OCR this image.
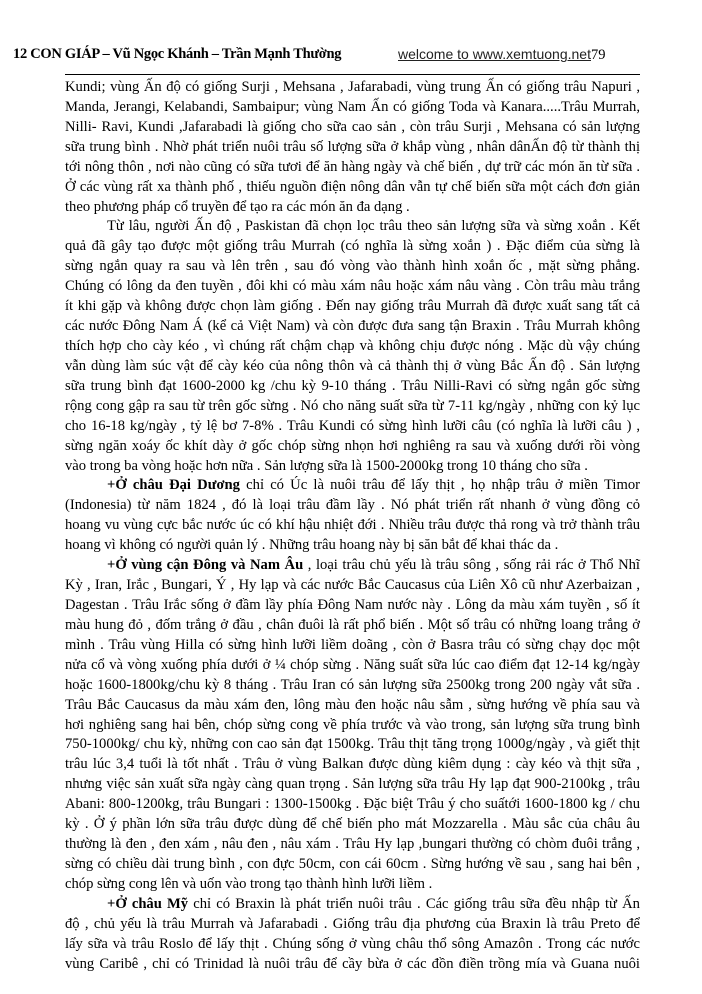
12 CON GIÁP – Vũ Ngọc Khánh – Trần Mạnh Thường	welcome to www.xemtuong.net79
Kundi; vùng Ấn độ có giống Surji , Mehsana , Jafarabadi, vùng trung Ấn có giống trâu Napuri ,
Manda, Jerangi, Kelabandi, Sambaipur; vùng Nam Ấn có giống Toda và Kanara.....Trâu Murrah,
Nilli- Ravi, Kundi ,Jafarabadi là giống cho sữa cao sản , còn trâu Surji , Mehsana có sản lượng
sữa trung bình . Nhờ phát triển nuôi trâu số lượng sữa ở khắp vùng , nhân dânẤn độ từ thành thị
tới nông thôn , nơi nào cũng có sữa tươi để ăn hàng ngày và chế biến , dự trữ các món ăn từ sữa .
Ở các vùng rất xa thành phố , thiếu nguồn điện nông dân vẫn tự chế biến sữa một cách đơn giản
theo phương pháp cổ truyền để tạo ra các món ăn đa dạng .
Từ lâu, người Ấn độ , Paskistan đã chọn lọc trâu theo sản lượng sữa và sừng xoắn . Kết
quả đã gây tạo được một giống trâu Murrah (có nghĩa là sừng xoắn ) . Đặc điểm của sừng là
sừng ngắn quay ra sau và lên trên , sau đó vòng vào thành hình xoắn ốc , mặt sừng phẳng.
Chúng có lông da đen tuyền , đôi khi có màu xám nâu hoặc xám nâu vàng . Còn trâu màu trắng
ít khi gặp và không được chọn làm giống . Đến nay giống trâu Murrah đã được xuất sang tất cả
các nước Đông Nam Á (kể cả Việt Nam) và còn được đưa sang tận Braxin . Trâu Murrah không
thích hợp cho cày kéo , vì chúng rất chậm chạp và không chịu được nóng . Mặc dù vậy chúng
vẫn dùng làm súc vật để cày kéo của nông thôn và cả thành thị ở vùng Bắc Ấn độ . Sản lượng
sữa trung bình đạt 1600-2000 kg /chu kỳ 9-10 tháng . Trâu Nilli-Ravi có sừng ngắn gốc sừng
rộng cong gập ra sau từ trên gốc sừng . Nó cho năng suất sữa từ 7-11 kg/ngày , những con kỷ lục
cho 16-18 kg/ngày , tỷ lệ bơ 7-8% . Trâu Kundi có sừng hình lưỡi câu (có nghĩa là lưỡi câu ) ,
sừng ngăn xoáy ốc khít dày ở gốc chóp sừng nhọn hơi nghiêng ra sau và xuống dưới rồi vòng
vào trong ba vòng hoặc hơn nữa . Sản lượng sữa là 1500-2000kg trong 10 tháng cho sữa .
+Ở châu Đại Dương chỉ có Úc là nuôi trâu để lấy thịt , họ nhập trâu ở miền Timor
(Indonesia) từ năm 1824 , đó là loại trâu đầm lầy . Nó phát triển rất nhanh ở vùng đồng cỏ
hoang vu vùng cực bắc nước úc có khí hậu nhiệt đới . Nhiều trâu được thả rong và trở thành trâu
hoang vì không có người quản lý . Những trâu hoang này bị săn bắt để khai thác da .
+Ở vùng cận Đông và Nam Âu , loại trâu chủ yếu là trâu sông , sống rải rác ở Thổ Nhĩ
Kỳ , Iran, Irắc , Bungari, Ý , Hy lạp và các nước Bắc Caucasus của Liên Xô cũ như Azerbaizan ,
Dagestan . Trâu Irắc sống ở đầm lầy phía Đông Nam nước này . Lông da màu xám tuyền , số ít
màu hung đỏ , đốm trắng ở đầu , chân đuôi là rất phổ biến . Một số trâu có những loang trắng ở
mình . Trâu vùng Hilla có sừng hình lưỡi liềm doãng , còn ở Basra trâu có sừng chạy dọc một
nửa cổ và vòng xuống phía dưới ở ¼ chóp sừng . Năng suất sữa lúc cao điểm đạt 12-14 kg/ngày
hoặc 1600-1800kg/chu kỳ 8 tháng . Trâu Iran có sản lượng sữa 2500kg trong 200 ngày vắt sữa .
Trâu Bắc Caucasus da màu xám đen, lông màu đen hoặc nâu sẫm , sừng hướng về phía sau và
hơi nghiêng sang hai bên, chóp sừng cong về phía trước và vào trong, sản lượng sữa trung bình
750-1000kg/ chu kỳ, những con cao sản đạt 1500kg. Trâu thịt tăng trọng 1000g/ngày , và giết thịt
trâu lúc 3,4 tuổi là tốt nhất . Trâu ở vùng Balkan được dùng kiêm dụng : cày kéo và thịt sữa ,
nhưng việc sản xuất sữa ngày càng quan trọng . Sản lượng sữa trâu Hy lạp đạt 900-2100kg , trâu
Abani: 800-1200kg, trâu Bungari : 1300-1500kg . Đặc biệt Trâu ý cho suấtới 1600-1800 kg / chu
kỳ . Ở ý phần lớn sữa trâu được dùng để chế biến pho mát Mozzarella . Màu sắc của châu âu
thường là đen , đen xám , nâu đen , nâu xám . Trâu Hy lạp ,bungari thường có chòm đuôi trắng ,
sừng có chiều dài trung bình , con đực 50cm, con cái 60cm . Sừng hướng về sau , sang hai bên ,
chóp sừng cong lên và uốn vào trong tạo thành hình lưỡi liềm .
+Ở châu Mỹ chỉ có Braxin là phát triển nuôi trâu . Các giống trâu sữa đều nhập từ Ấn
độ , chủ yếu là trâu Murrah và Jafarabadi . Giống trâu địa phương của Braxin là trâu Preto để
lấy sữa và trâu Roslo để lấy thịt . Chúng sống ở vùng châu thổ sông Amazôn . Trong các nước
vùng Caribê , chỉ có Trinidad là nuôi trâu để cầy bừa ở các đồn điền trồng mía và Guana nuôi
